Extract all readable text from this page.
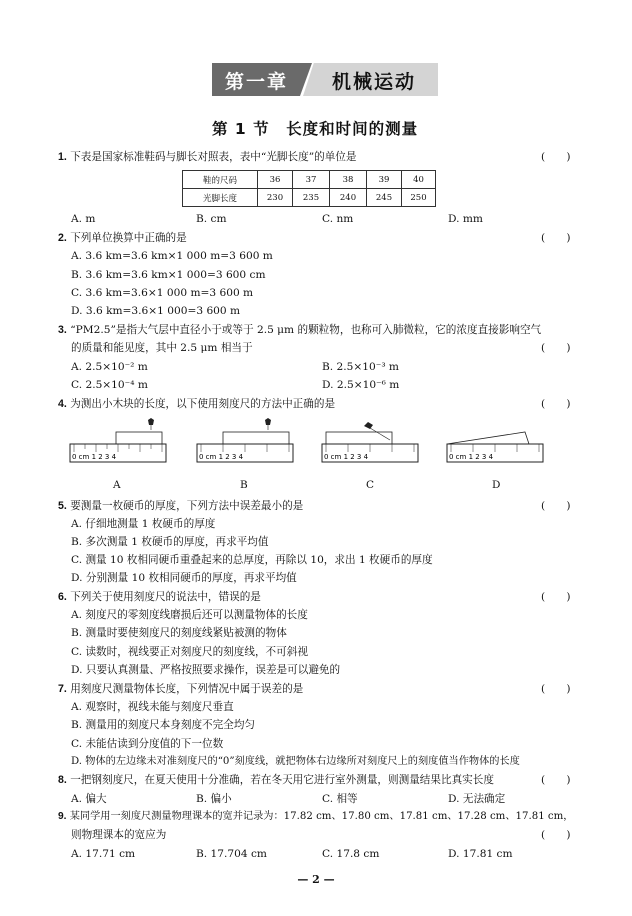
第一章 机械运动
第 1 节　长度和时间的测量
1. 下表是国家标准鞋码与脚长对照表，表中“光脚长度”的单位是	(　　)
鞋的尺码	36	37	38	39	40
光脚长度	230	235	240	245	250
A. m	B. cm	C. nm	D. mm
2. 下列单位换算中正确的是	(　　)
A. 3.6 km=3.6 km×1 000 m=3 600 m
B. 3.6 km=3.6 km×1 000=3 600 cm
C. 3.6 km=3.6×1 000 m=3 600 m
D. 3.6 km=3.6×1 000=3 600 m
3. “PM2.5”是指大气层中直径小于或等于 2.5 μm 的颗粒物，也称可入肺微粒，它的浓度直接影响空气
的质量和能见度，其中 2.5 μm 相当于	(　　)
A. 2.5×10⁻² m	B. 2.5×10⁻³ m
C. 2.5×10⁻⁴ m	D. 2.5×10⁻⁶ m
4. 为测出小木块的长度，以下使用刻度尺的方法中正确的是	(　　)
0 cm 1 2 3 4
A
0 cm 1 2 3 4
B
0 cm 1 2 3 4
C
0 cm 1 2 3 4
D
5. 要测量一枚硬币的厚度，下列方法中误差最小的是	(　　)
A. 仔细地测量 1 枚硬币的厚度
B. 多次测量 1 枚硬币的厚度，再求平均值
C. 测量 10 枚相同硬币重叠起来的总厚度，再除以 10，求出 1 枚硬币的厚度
D. 分别测量 10 枚相同硬币的厚度，再求平均值
6. 下列关于使用刻度尺的说法中，错误的是	(　　)
A. 刻度尺的零刻度线磨损后还可以测量物体的长度
B. 测量时要使刻度尺的刻度线紧贴被测的物体
C. 读数时，视线要正对刻度尺的刻度线，不可斜视
D. 只要认真测量、严格按照要求操作，误差是可以避免的
7. 用刻度尺测量物体长度，下列情况中属于误差的是	(　　)
A. 观察时，视线未能与刻度尺垂直
B. 测量用的刻度尺本身刻度不完全均匀
C. 未能估读到分度值的下一位数
D. 物体的左边缘未对准刻度尺的“0”刻度线，就把物体右边缘所对刻度尺上的刻度值当作物体的长度
8. 一把钢刻度尺，在夏天使用十分准确，若在冬天用它进行室外测量，则测量结果比真实长度	(　　)
A. 偏大	B. 偏小	C. 相等	D. 无法确定
9. 某同学用一刻度尺测量物理课本的宽并记录为：17.82 cm、17.80 cm、17.81 cm、17.28 cm、17.81 cm，
则物理课本的宽应为	(　　)
A. 17.71 cm	B. 17.704 cm	C. 17.8 cm	D. 17.81 cm
— 2 —
